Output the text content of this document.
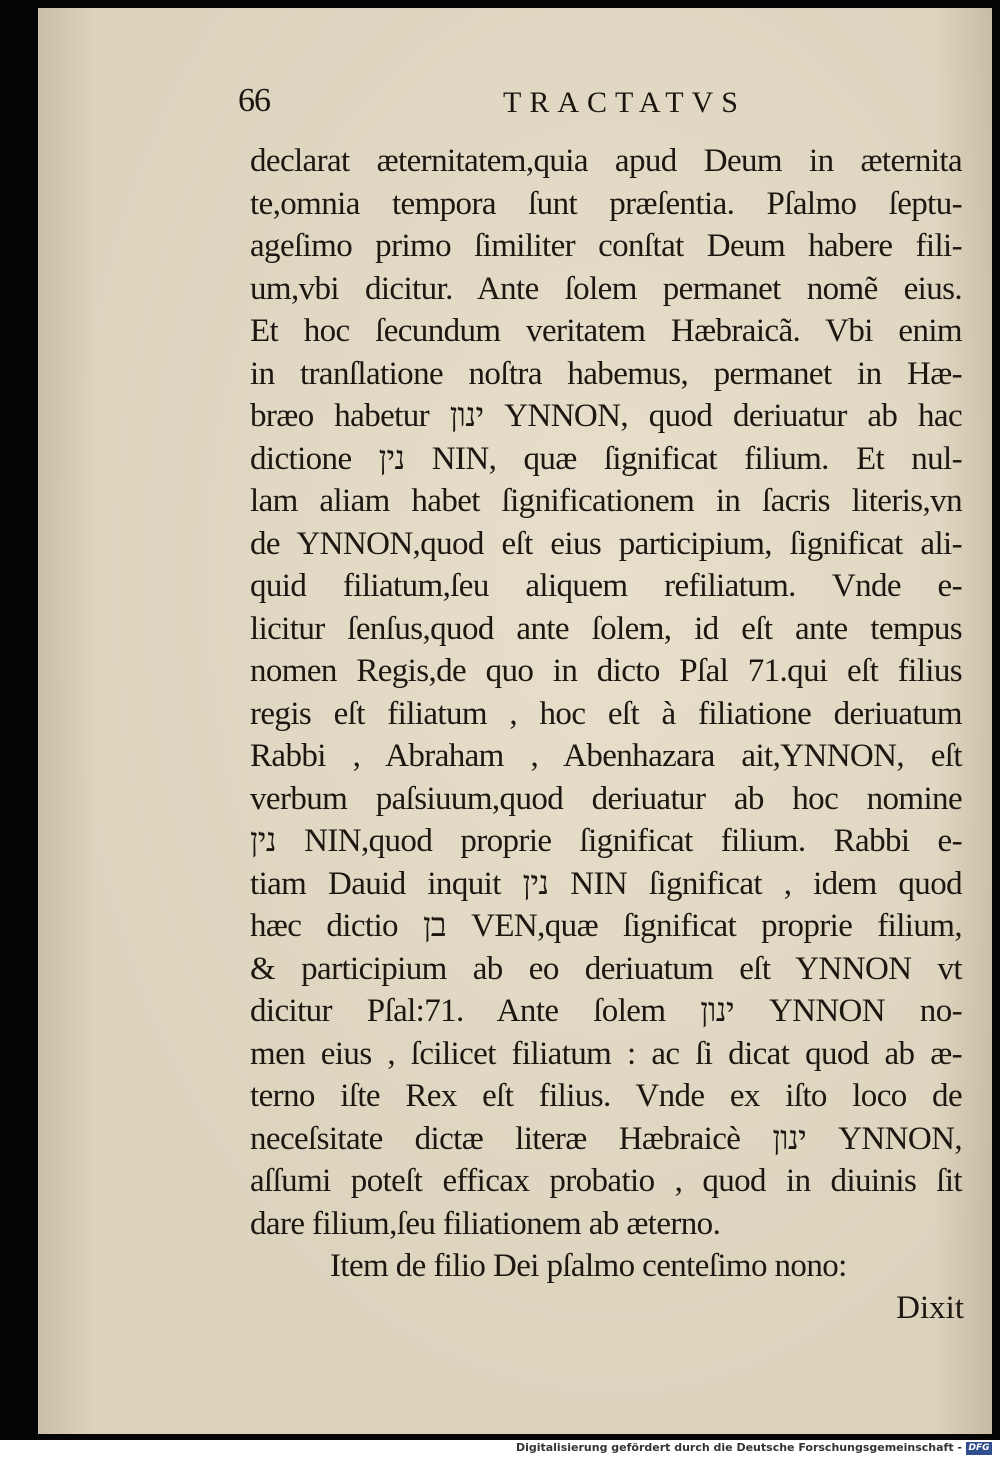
66	TRACTATVS
declarat æternitatem,quia apud Deum in æternita
te,omnia tempora ſunt præſentia. Pſalmo ſeptu-
ageſimo primo ſimiliter conſtat Deum habere fili-
um,vbi dicitur. Ante ſolem permanet nomẽ eius.
Et hoc ſecundum veritatem Hæbraicã. Vbi enim
in tranſlatione noſtra habemus, permanet in Hæ-
bræo habetur ינון YNNON, quod deriuatur ab hac
dictione נין NIN, quæ ſignificat filium. Et nul-
lam aliam habet ſignificationem in ſacris literis,vn
de YNNON,quod eſt eius participium, ſignificat ali-
quid filiatum,ſeu aliquem refiliatum. Vnde e-
licitur ſenſus,quod ante ſolem, id eſt ante tempus
nomen Regis,de quo in dicto Pſal 71.qui eſt filius
regis eſt filiatum , hoc eſt à filiatione deriuatum
Rabbi , Abraham , Abenhazara ait,YNNON, eſt
verbum paſsiuum,quod deriuatur ab hoc nomine
נין NIN,quod proprie ſignificat filium. Rabbi e-
tiam Dauid inquit נין NIN ſignificat , idem quod
hæc dictio בן VEN,quæ ſignificat proprie filium,
& participium ab eo deriuatum eſt YNNON vt
dicitur Pſal:71. Ante ſolem ינון YNNON no-
men eius , ſcilicet filiatum : ac ſi dicat quod ab æ-
terno iſte Rex eſt filius. Vnde ex iſto loco de
neceſsitate dictæ literæ Hæbraicè ינון YNNON,
aſſumi poteſt efficax probatio , quod in diuinis ſit
dare filium,ſeu filiationem ab æterno.
Item de filio Dei pſalmo centeſimo nono:
Dixit
Digitalisierung gefördert durch die Deutsche Forschungsgemeinschaft - DFG
